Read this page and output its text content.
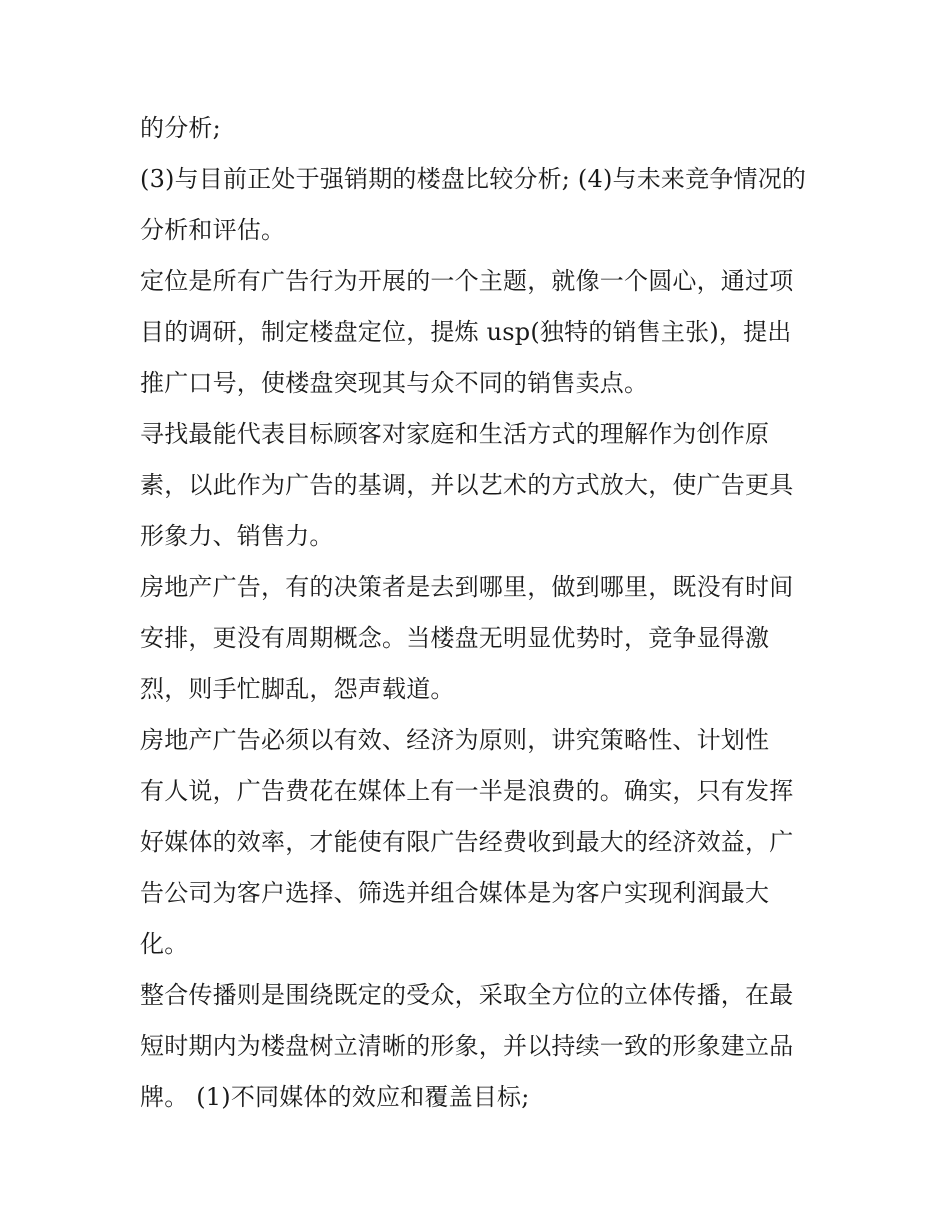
的分析;
(3)与目前正处于强销期的楼盘比较分析; (4)与未来竞争情况的
分析和评估。
定位是所有广告行为开展的一个主题，就像一个圆心，通过项
目的调研，制定楼盘定位，提炼 usp(独特的销售主张)，提出
推广口号，使楼盘突现其与众不同的销售卖点。
寻找最能代表目标顾客对家庭和生活方式的理解作为创作原
素，以此作为广告的基调，并以艺术的方式放大，使广告更具
形象力、销售力。
房地产广告，有的决策者是去到哪里，做到哪里，既没有时间
安排，更没有周期概念。当楼盘无明显优势时，竞争显得激
烈，则手忙脚乱，怨声载道。
房地产广告必须以有效、经济为原则，讲究策略性、计划性
有人说，广告费花在媒体上有一半是浪费的。确实，只有发挥
好媒体的效率，才能使有限广告经费收到最大的经济效益，广
告公司为客户选择、筛选并组合媒体是为客户实现利润最大
化。
整合传播则是围绕既定的受众，采取全方位的立体传播，在最
短时期内为楼盘树立清晰的形象，并以持续一致的形象建立品
牌。 (1)不同媒体的效应和覆盖目标;
